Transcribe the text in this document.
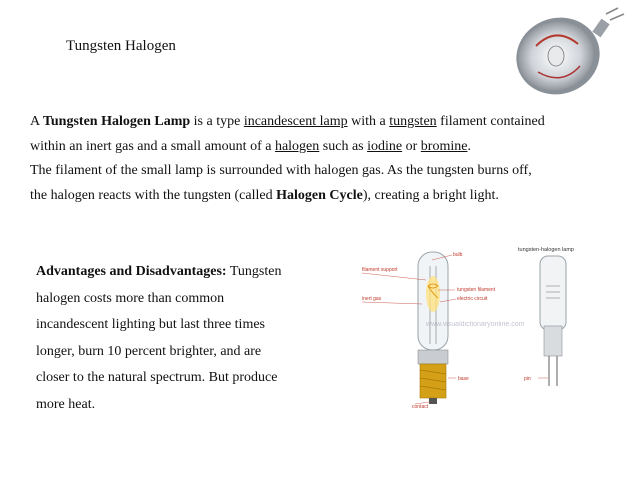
Tungsten Halogen

A Tungsten Halogen Lamp is a type incandescent lamp with a tungsten filament contained

within an inert gas and a small amount of a halogen such as iodine or bromine.

The filament of the small lamp is surrounded with halogen gas. As the tungsten burns off,

the halogen reacts with the tungsten (called Halogen Cycle), creating a bright light.

Advantages and Disadvantages: Tungsten

halogen costs more than common

incandescent lighting but last three times

longer, burn 10 percent brighter, and are

closer to the natural spectrum. But produce

more heat.

tungsten-halogen lamp
bulb
filament support
tungsten filament
inert gas	electric circuit
base	pin
contact
www.visualdictionaryonline.com
